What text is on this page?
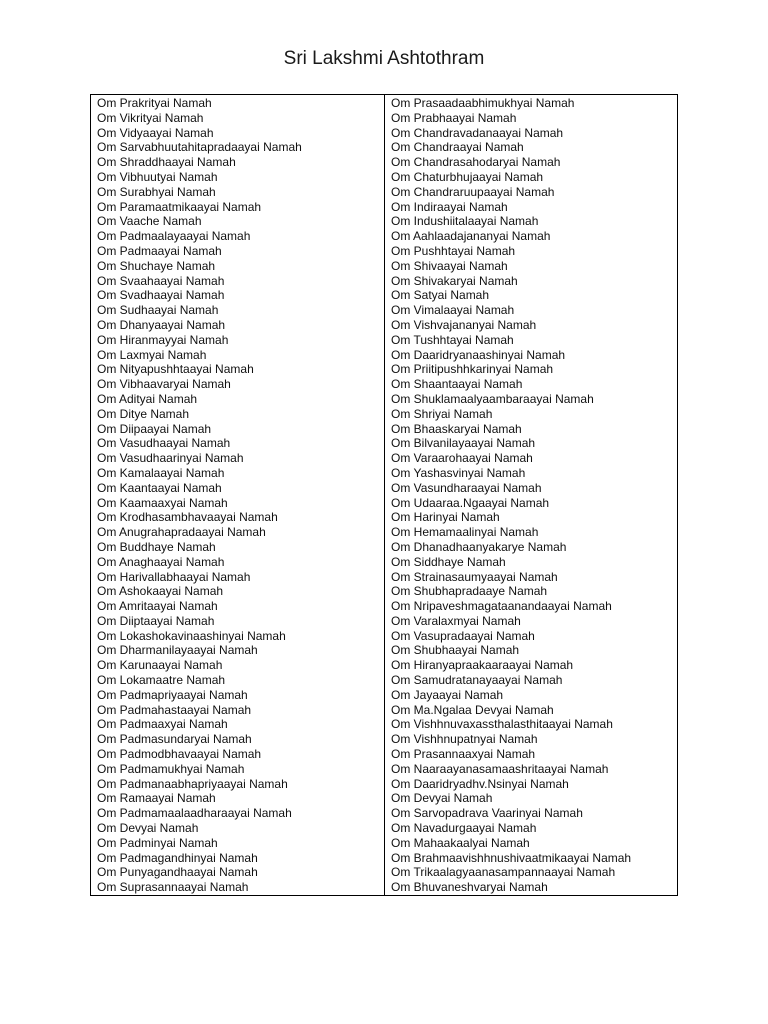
Sri Lakshmi Ashtothram
Om Prakrityai Namah
Om Vikrityai Namah
Om Vidyaayai Namah
Om Sarvabhuutahitapradaayai Namah
Om Shraddhaayai Namah
Om Vibhuutyai Namah
Om Surabhyai Namah
Om Paramaatmikaayai Namah
Om Vaache Namah
Om Padmaalayaayai Namah
Om Padmaayai Namah
Om Shuchaye Namah
Om Svaahaayai Namah
Om Svadhaayai Namah
Om Sudhaayai Namah
Om Dhanyaayai Namah
Om Hiranmayyai Namah
Om Laxmyai Namah
Om Nityapushhtaayai Namah
Om Vibhaavaryai Namah
Om Adityai Namah
Om Ditye Namah
Om Diipaayai Namah
Om Vasudhaayai Namah
Om Vasudhaarinyai Namah
Om Kamalaayai Namah
Om Kaantaayai Namah
Om Kaamaaxyai Namah
Om Krodhasambhavaayai Namah
Om Anugrahapradaayai Namah
Om Buddhaye Namah
Om Anaghaayai Namah
Om Harivallabhaayai Namah
Om Ashokaayai Namah
Om Amritaayai Namah
Om Diiptaayai Namah
Om Lokashokavinaashinyai Namah
Om Dharmanilayaayai Namah
Om Karunaayai Namah
Om Lokamaatre Namah
Om Padmapriyaayai Namah
Om Padmahastaayai Namah
Om Padmaaxyai Namah
Om Padmasundaryai Namah
Om Padmodbhavaayai Namah
Om Padmamukhyai Namah
Om Padmanaabhapriyaayai Namah
Om Ramaayai Namah
Om Padmamaalaadharaayai Namah
Om Devyai Namah
Om Padminyai Namah
Om Padmagandhinyai Namah
Om Punyagandhaayai Namah
Om Suprasannaayai Namah
Om Prasaadaabhimukhyai Namah
Om Prabhaayai Namah
Om Chandravadanaayai Namah
Om Chandraayai Namah
Om Chandrasahodaryai Namah
Om Chaturbhujaayai Namah
Om Chandraruupaayai Namah
Om Indiraayai Namah
Om Indushiitalaayai Namah
Om Aahlaadajananyai Namah
Om Pushhtayai Namah
Om Shivaayai Namah
Om Shivakaryai Namah
Om Satyai Namah
Om Vimalaayai Namah
Om Vishvajananyai Namah
Om Tushhtayai Namah
Om Daaridryanaashinyai Namah
Om Priitipushhkarinyai Namah
Om Shaantaayai Namah
Om Shuklamaalyaambaraayai Namah
Om Shriyai Namah
Om Bhaaskaryai Namah
Om Bilvanilayaayai Namah
Om Varaarohaayai Namah
Om Yashasvinyai Namah
Om Vasundharaayai Namah
Om Udaaraa.Ngaayai Namah
Om Harinyai Namah
Om Hemamaalinyai Namah
Om Dhanadhaanyakarye Namah
Om Siddhaye Namah
Om Strainasaumyaayai Namah
Om Shubhapradaaye Namah
Om Nripaveshmagataanandaayai Namah
Om Varalaxmyai Namah
Om Vasupradaayai Namah
Om Shubhaayai Namah
Om Hiranyapraakaaraayai Namah
Om Samudratanayaayai Namah
Om Jayaayai Namah
Om Ma.Ngalaa Devyai Namah
Om Vishhnuvaxassthalasthitaayai Namah
Om Vishhnupatnyai Namah
Om Prasannaaxyai Namah
Om Naaraayanasamaashritaayai Namah
Om Daaridryadhv.Nsinyai Namah
Om Devyai Namah
Om Sarvopadrava Vaarinyai Namah
Om Navadurgaayai Namah
Om Mahaakaalyai Namah
Om Brahmaavishhnushivaatmikaayai Namah
Om Trikaalagyaanasampannaayai Namah
Om Bhuvaneshvaryai Namah
